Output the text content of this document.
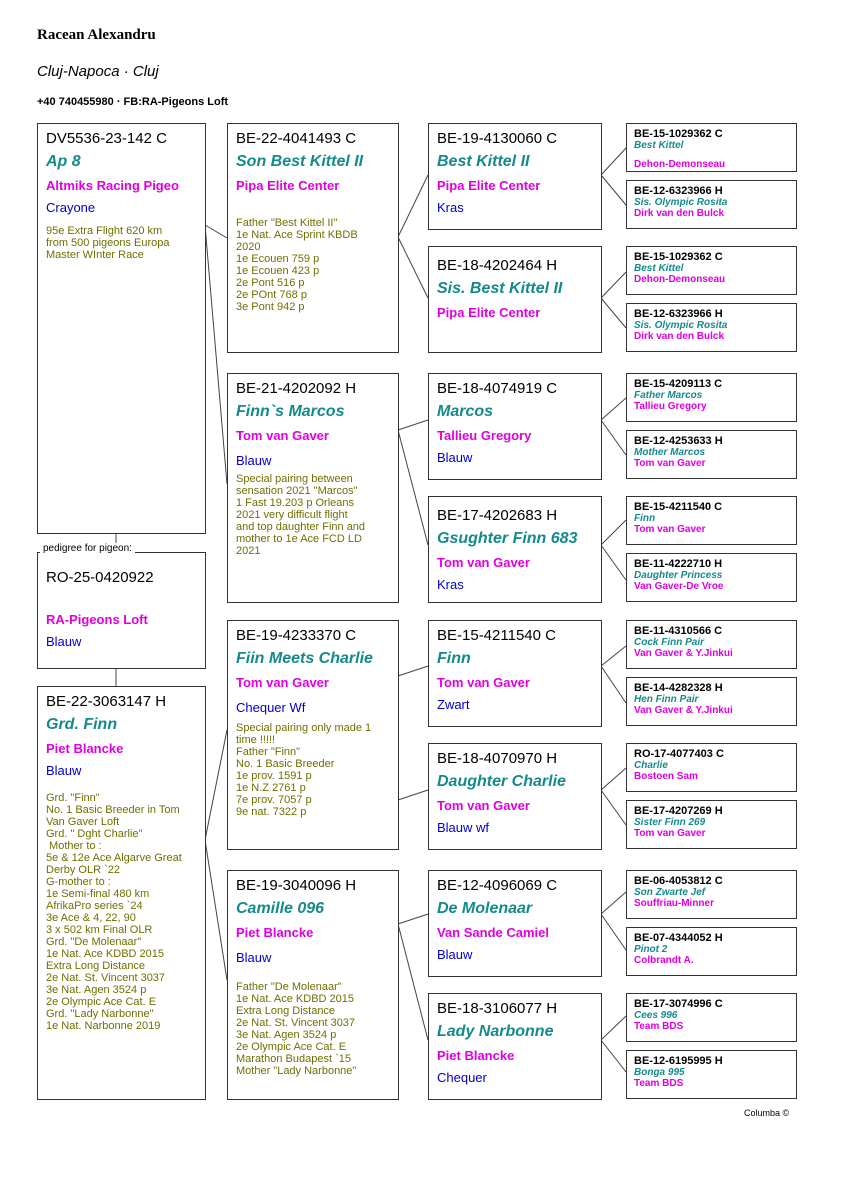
Racean Alexandru
Cluj-Napoca · Cluj
+40 740455980 · FB:RA-Pigeons Loft
DV5536-23-142 C
Ap 8
Altmiks Racing Pigeo
Crayone
95e Extra Flight 620 km
from 500 pigeons Europa
Master WInter Race
RO-25-0420922
RA-Pigeons Loft
Blauw
pedigree for pigeon:
BE-22-3063147 H
Grd. Finn
Piet Blancke
Blauw
Grd. "Finn"
No. 1 Basic Breeder in Tom
Van Gaver Loft
Grd. " Dght Charlie"
Mother to :
5e & 12e Ace Algarve Great
Derby OLR `22
G-mother to :
1e Semi-final 480 km
AfrikaPro series `24
3e Ace & 4, 22, 90
3 x 502 km Final OLR
Grd. "De Molenaar"
1e Nat. Ace KDBD 2015
Extra Long Distance
2e Nat. St. Vincent 3037
3e Nat. Agen 3524 p
2e Olympic Ace Cat. E
Grd. "Lady Narbonne"
1e Nat. Narbonne 2019
BE-22-4041493 C
Son Best Kittel II
Pipa Elite Center
Father "Best Kittel II"
1e Nat. Ace Sprint KBDB
2020
1e Ecouen 759 p
1e Ecouen 423 p
2e Pont 516 p
2e POnt 768 p
3e Pont 942 p
BE-21-4202092 H
Finn`s Marcos
Tom van Gaver
Blauw
Special pairing between
sensation 2021 "Marcos"
1 Fast 19.203 p Orleans
2021 very difficult flight
and top daughter Finn and
mother to 1e Ace FCD LD
2021
BE-19-4233370 C
Fiin Meets Charlie
Tom van Gaver
Chequer Wf
Special pairing only made 1
time !!!!!
Father "Finn"
No. 1 Basic Breeder
1e prov. 1591 p
1e N.Z 2761 p
7e prov. 7057 p
9e nat. 7322 p
BE-19-3040096 H
Camille 096
Piet Blancke
Blauw
Father "De Molenaar"
1e Nat. Ace KDBD 2015
Extra Long Distance
2e Nat. St. Vincent 3037
3e Nat. Agen 3524 p
2e Olympic Ace Cat. E
Marathon Budapest `15
Mother "Lady Narbonne"
BE-19-4130060 C
Best Kittel II
Pipa Elite Center
Kras
BE-18-4202464 H
Sis. Best Kittel II
Pipa Elite Center
BE-18-4074919 C
Marcos
Tallieu Gregory
Blauw
BE-17-4202683 H
Gsughter Finn 683
Tom van Gaver
Kras
BE-15-4211540 C
Finn
Tom van Gaver
Zwart
BE-18-4070970 H
Daughter Charlie
Tom van Gaver
Blauw wf
BE-12-4096069 C
De Molenaar
Van Sande Camiel
Blauw
BE-18-3106077 H
Lady Narbonne
Piet Blancke
Chequer
BE-15-1029362 C
Best Kittel
Dehon-Demonseau
BE-12-6323966 H
Sis. Olympic Rosita
Dirk van den Bulck
BE-15-1029362 C
Best Kittel
Dehon-Demonseau
BE-12-6323966 H
Sis. Olympic Rosita
Dirk van den Bulck
BE-15-4209113 C
Father Marcos
Tallieu Gregory
BE-12-4253633 H
Mother Marcos
Tom van Gaver
BE-15-4211540 C
Finn
Tom van Gaver
BE-11-4222710 H
Daughter Princess
Van Gaver-De Vroe
BE-11-4310566 C
Cock Finn Pair
Van Gaver & Y.Jinkui
BE-14-4282328 H
Hen Finn Pair
Van Gaver & Y.Jinkui
RO-17-4077403 C
Charlie
Bostoen Sam
BE-17-4207269 H
Sister Finn 269
Tom van Gaver
BE-06-4053812 C
Son Zwarte Jef
Souffriau-Minner
BE-07-4344052 H
Pinot 2
Colbrandt A.
BE-17-3074996 C
Cees 996
Team BDS
BE-12-6195995 H
Bonga 995
Team BDS
Columba ©
